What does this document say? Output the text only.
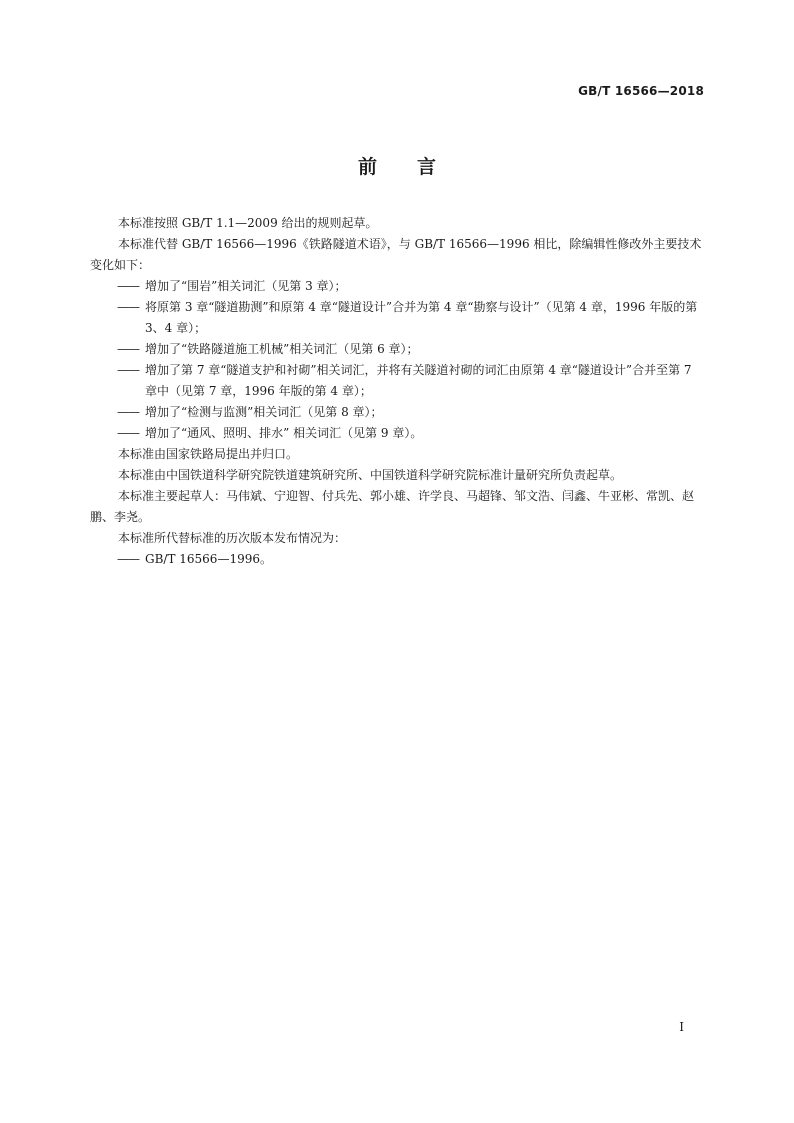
GB/T 16566—2018
前言

本标准按照 GB/T 1.1—2009 给出的规则起草。

本标准代替 GB/T 16566—1996《铁路隧道术语》，与 GB/T 16566—1996 相比，除编辑性修改外主要技术变化如下：

—— 增加了“围岩”相关词汇（见第 3 章）；

—— 将原第 3 章“隧道勘测”和原第 4 章“隧道设计”合并为第 4 章“勘察与设计”（见第 4 章，1996 年版的第 3、4 章）；

—— 增加了“铁路隧道施工机械”相关词汇（见第 6 章）；

—— 增加了第 7 章“隧道支护和衬砌”相关词汇，并将有关隧道衬砌的词汇由原第 4 章“隧道设计”合并至第 7 章中（见第 7 章，1996 年版的第 4 章）；

—— 增加了“检测与监测”相关词汇（见第 8 章）；

—— 增加了“通风、照明、排水” 相关词汇（见第 9 章）。

本标准由国家铁路局提出并归口。

本标准由中国铁道科学研究院铁道建筑研究所、中国铁道科学研究院标准计量研究所负责起草。

本标准主要起草人：马伟斌、宁迎智、付兵先、郭小雄、许学良、马超锋、邹文浩、闫鑫、牛亚彬、常凯、赵鹏、李尧。

本标准所代替标准的历次版本发布情况为：

—— GB/T 16566—1996。

I
